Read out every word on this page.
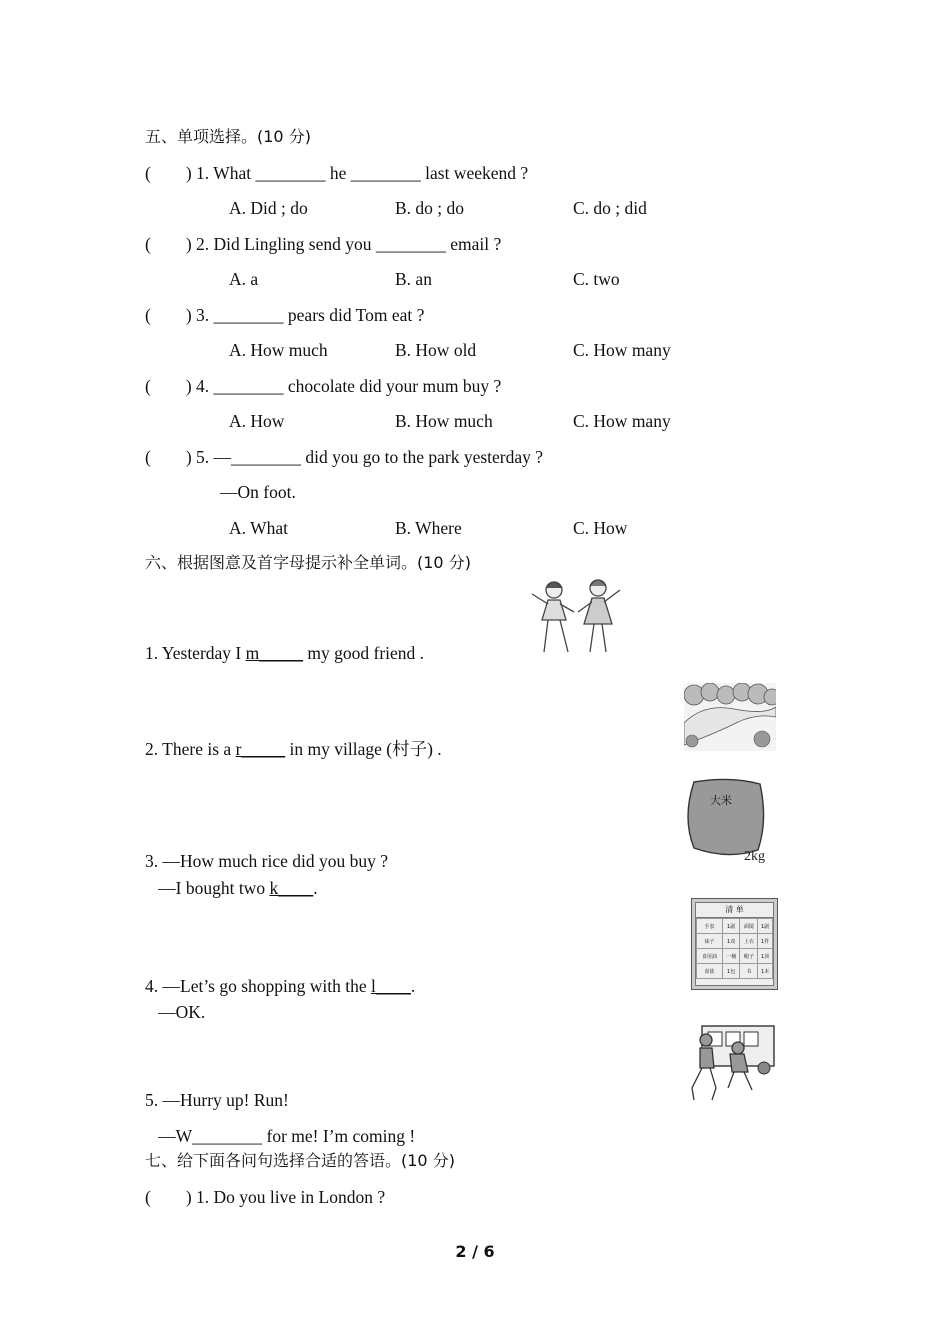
五、单项选择。(10 分)
(        ) 1. What ________ he ________ last weekend ?
A. Did ; do	B. do ; do	C. do ; did
(        ) 2. Did Lingling send you ________ email ?
A. a	B. an	C. two
(        ) 3. ________ pears did Tom eat ?
A. How much	B. How old	C. How many
(        ) 4. ________ chocolate did your mum buy ?
A. How	B. How much	C. How many
(        ) 5. —________ did you go to the park yesterday ?
—On foot.
A. What	B. Where	C. How
六、根据图意及首字母提示补全单词。(10 分)
1. Yesterday I m_____ my good friend .
2. There is a r_____ in my village (村子) .
3. —How much rice did you buy ?
—I bought two k____.
4. —Let’s go shopping with the l____.
—OK.
5. —Hurry up! Run!
—W________ for me! I’m coming !
大米
2kg
清 单
手表	1副	面镜	1副
袜子	1双	上衣	1件
食用油	一桶	帽子	1顶
食盐	1包	书	1本
七、给下面各问句选择合适的答语。(10 分)
(        ) 1. Do you live in London ?
2 / 6
